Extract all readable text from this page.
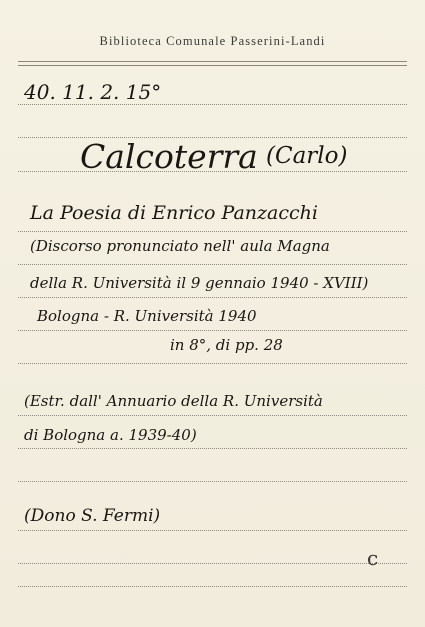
Biblioteca Comunale Passerini-Landi
40. 11. 2. 15°
Calcoterra (Carlo)
La Poesia di Enrico Panzacchi
(Discorso pronunciato nell' aula Magna
della R. Università il 9 gennaio 1940 - XVIII)
Bologna - R. Università 1940
in 8°, di pp. 28
(Estr. dall' Annuario della R. Università
di Bologna a. 1939-40)
(Dono S. Fermi)
c
